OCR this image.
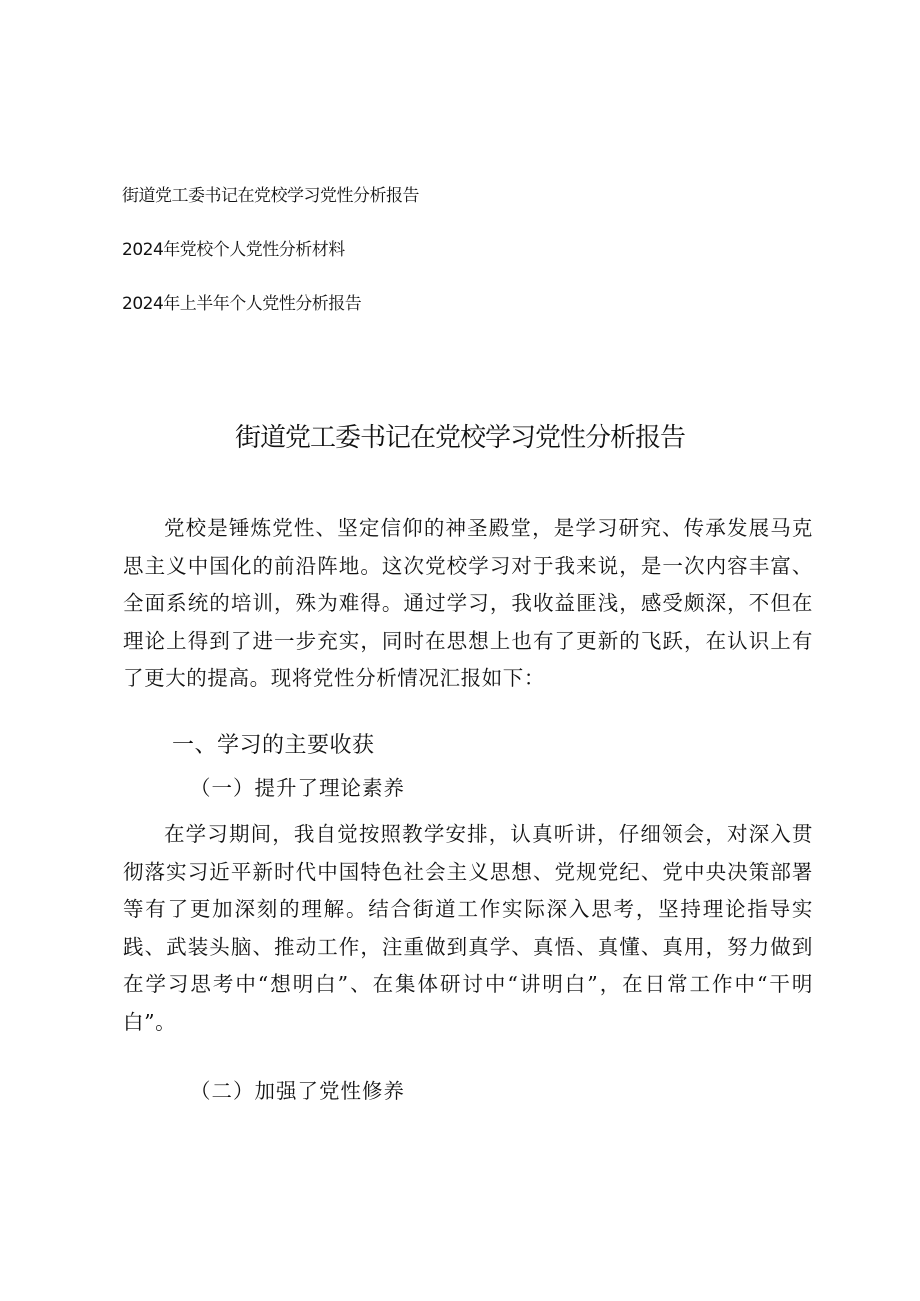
街道党工委书记在党校学习党性分析报告
2024年党校个人党性分析材料
2024年上半年个人党性分析报告
街道党工委书记在党校学习党性分析报告

党校是锤炼党性、坚定信仰的神圣殿堂，是学习研究、传承发展马克思主义中国化的前沿阵地。这次党校学习对于我来说，是一次内容丰富、全面系统的培训，殊为难得。通过学习，我收益匪浅，感受颇深，不但在理论上得到了进一步充实，同时在思想上也有了更新的飞跃，在认识上有了更大的提高。现将党性分析情况汇报如下：

一、学习的主要收获
（一）提升了理论素养

在学习期间，我自觉按照教学安排，认真听讲，仔细领会，对深入贯彻落实习近平新时代中国特色社会主义思想、党规党纪、党中央决策部署等有了更加深刻的理解。结合街道工作实际深入思考，坚持理论指导实践、武装头脑、推动工作，注重做到真学、真悟、真懂、真用，努力做到在学习思考中“想明白”、在集体研讨中“讲明白”，在日常工作中“干明白”。

（二）加强了党性修养
